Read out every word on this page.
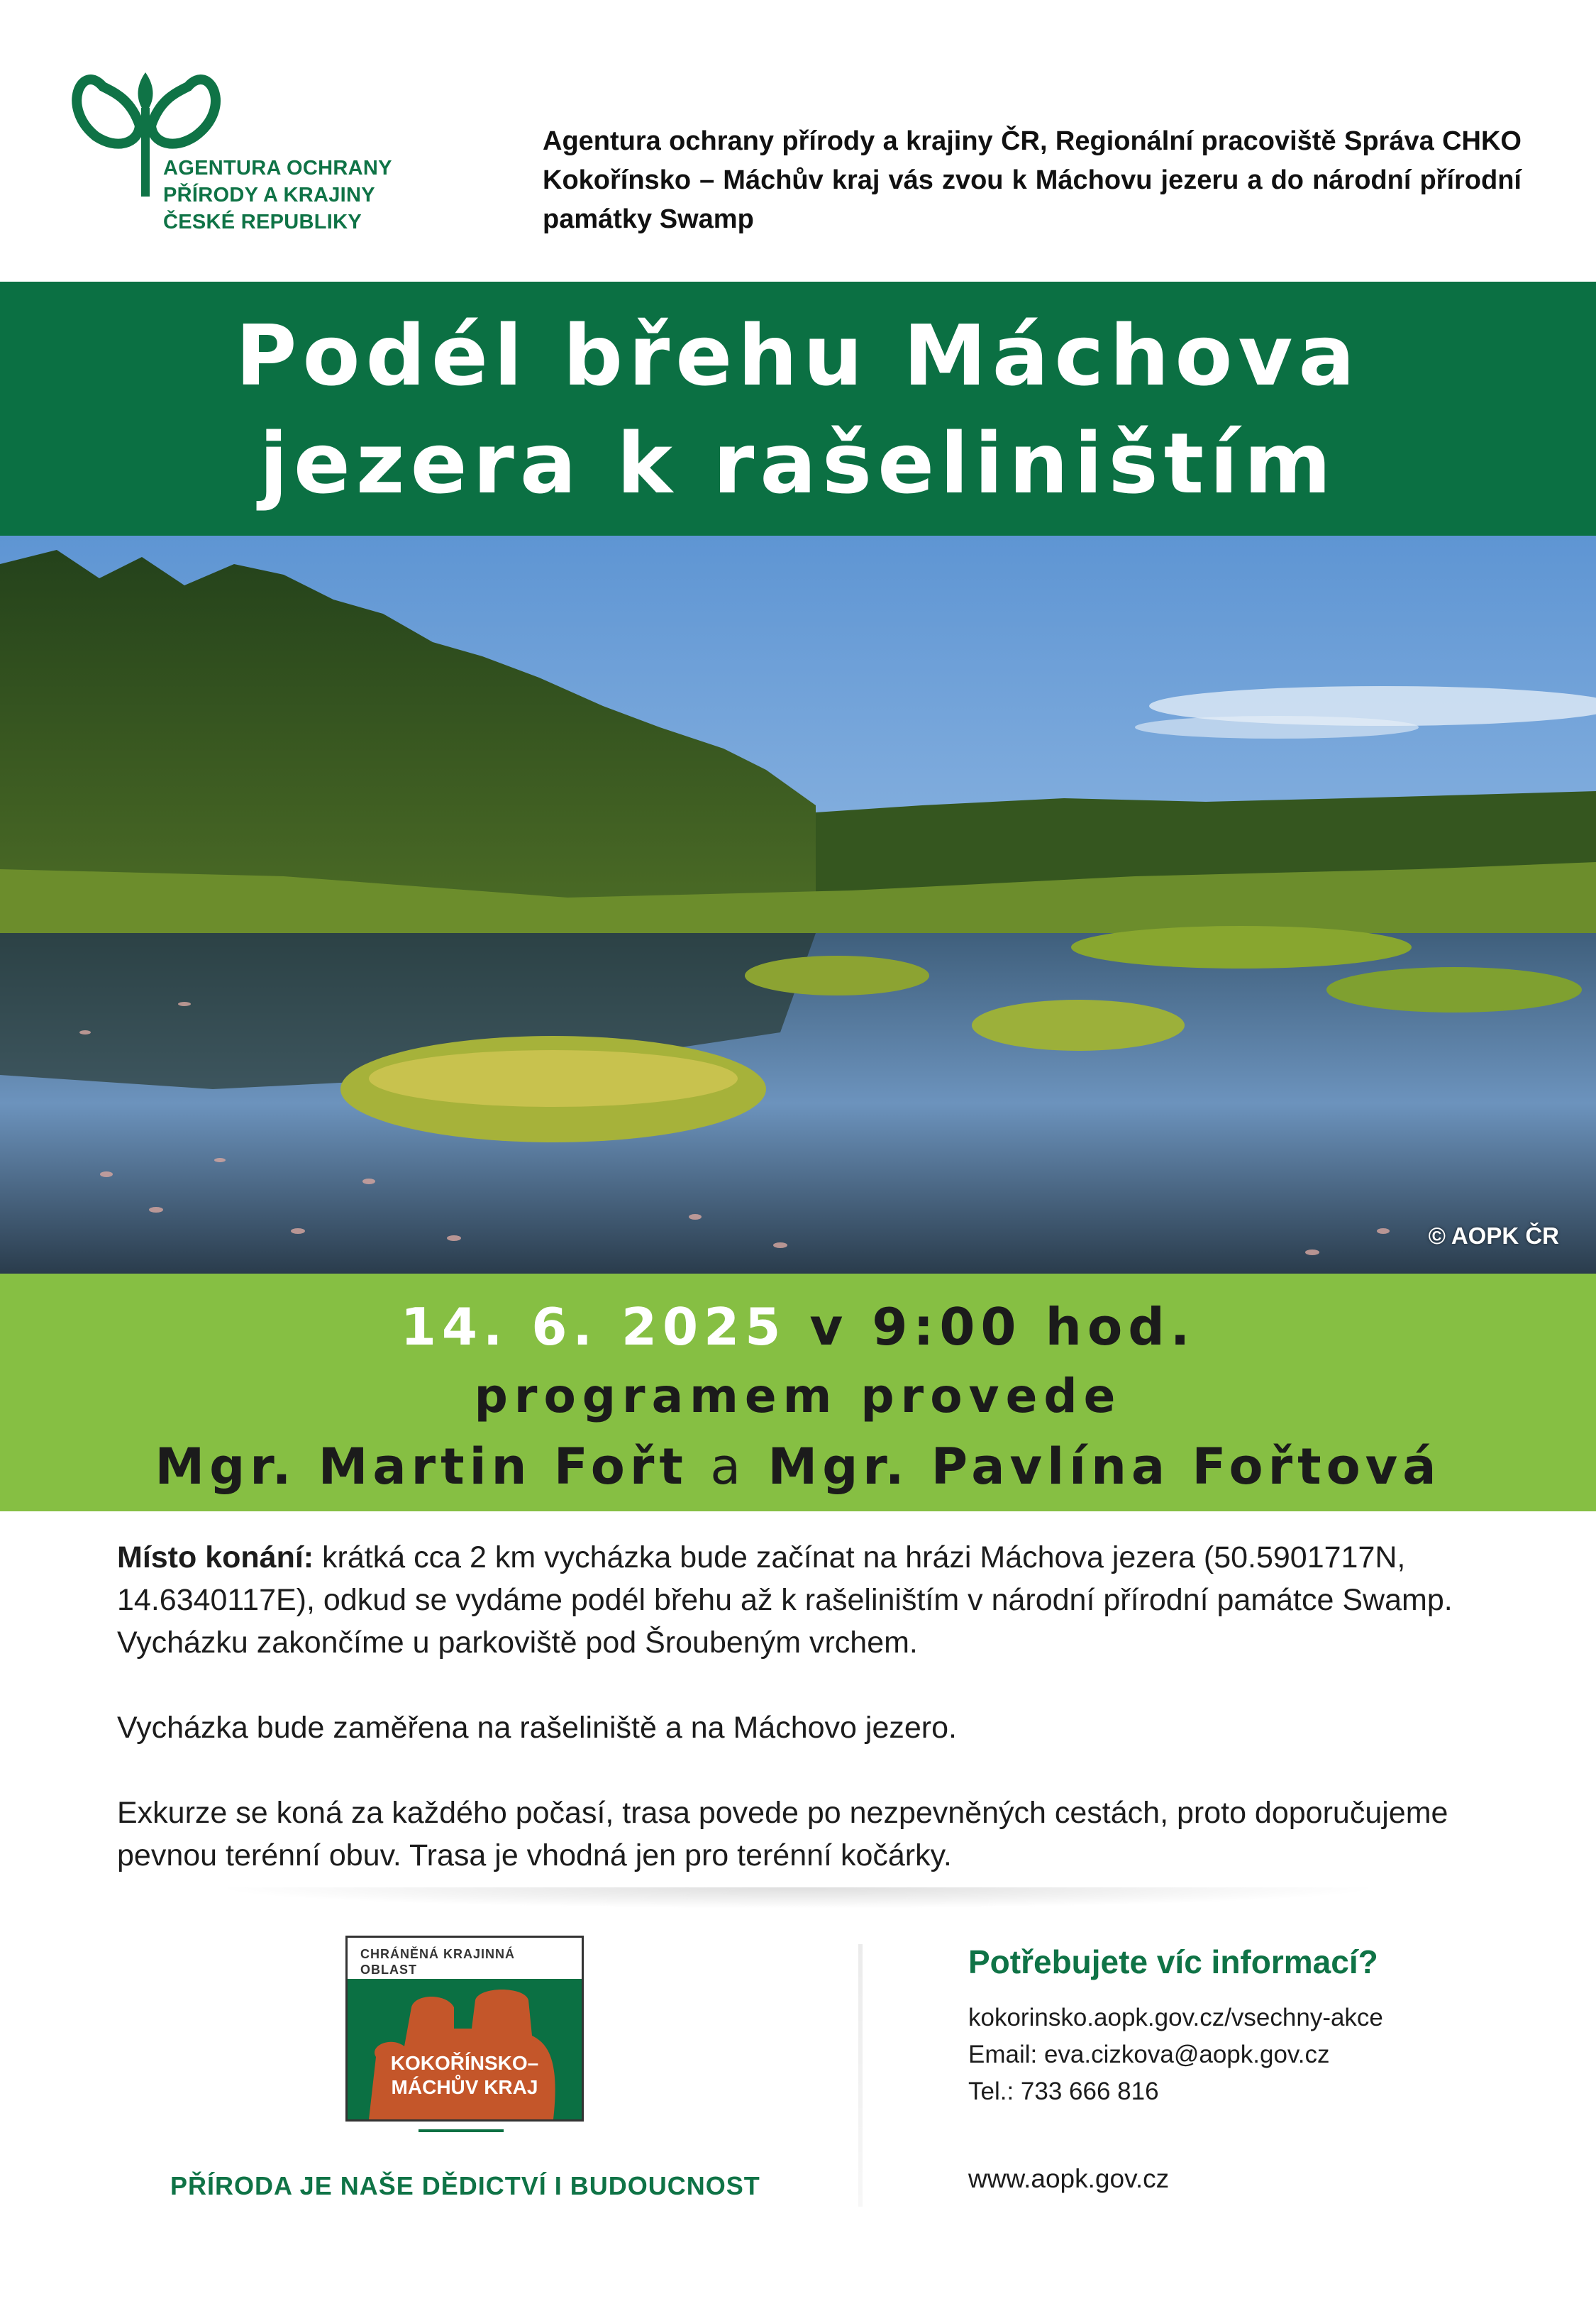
AGENTURA OCHRANY
PŘÍRODY A KRAJINY
ČESKÉ REPUBLIKY
Agentura ochrany přírody a krajiny ČR, Regionální pracoviště Správa CHKO Kokořínsko – Máchův kraj vás zvou k Máchovu jezeru a do národní přírodní památky Swamp
Podél břehu Máchova
jezera k rašeliništím
© AOPK ČR
14. 6. 2025 v 9:00 hod.
programem provede
Mgr. Martin Fořt a Mgr. Pavlína Fořtová

Místo konání: krátká cca 2 km vycházka bude začínat na hrázi Máchova jezera (50.5901717N, 14.6340117E), odkud se vydáme podél břehu až k rašeliništím v národní přírodní památce Swamp. Vycházku zakončíme u parkoviště pod Šroubeným vrchem.

Vycházka bude zaměřena na rašeliniště a na Máchovo jezero.

Exkurze se koná za každého počasí, trasa povede po nezpevněných cestách, proto doporučujeme pevnou terénní obuv. Trasa je vhodná jen pro terénní kočárky.

CHRÁNĚNÁ KRAJINNÁ
OBLAST
KOKOŘÍNSKO–
MÁCHŮV KRAJ
PŘÍRODA JE NAŠE DĚDICTVÍ I BUDOUCNOST
Potřebujete víc informací?
kokorinsko.aopk.gov.cz/vsechny-akce
Email: eva.cizkova@aopk.gov.cz
Tel.: 733 666 816
www.aopk.gov.cz
